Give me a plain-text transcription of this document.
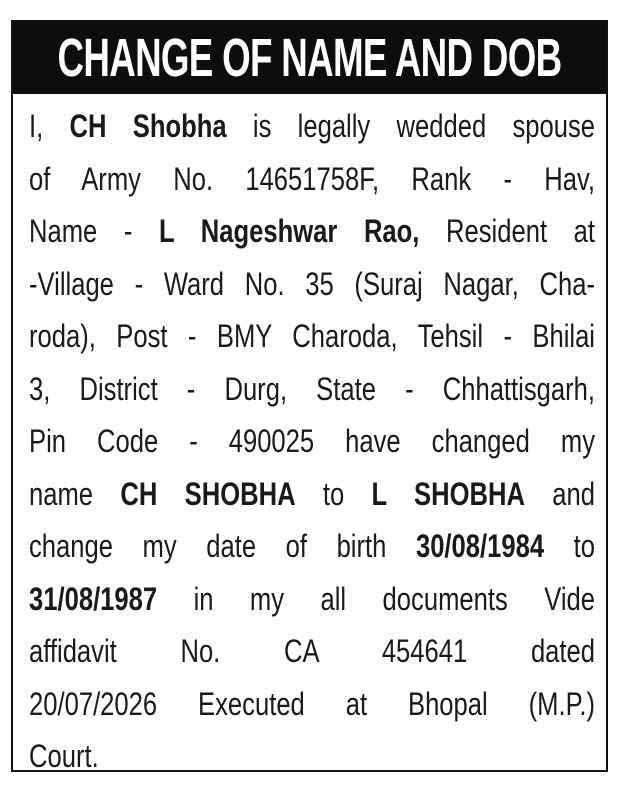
CHANGE OF NAME AND DOB
I, CH Shobha is legally wedded spouse
of Army No. 14651758F, Rank - Hav,
Name - L Nageshwar Rao, Resident at
-Village - Ward No. 35 (Suraj Nagar, Cha-
roda), Post - BMY Charoda, Tehsil - Bhilai
3, District - Durg, State - Chhattisgarh,
Pin Code - 490025 have changed my
name CH SHOBHA to L SHOBHA and
change my date of birth 30/08/1984 to
31/08/1987 in my all documents Vide
affidavit No. CA 454641 dated
20/07/2026 Executed at Bhopal (M.P.)
Court.
